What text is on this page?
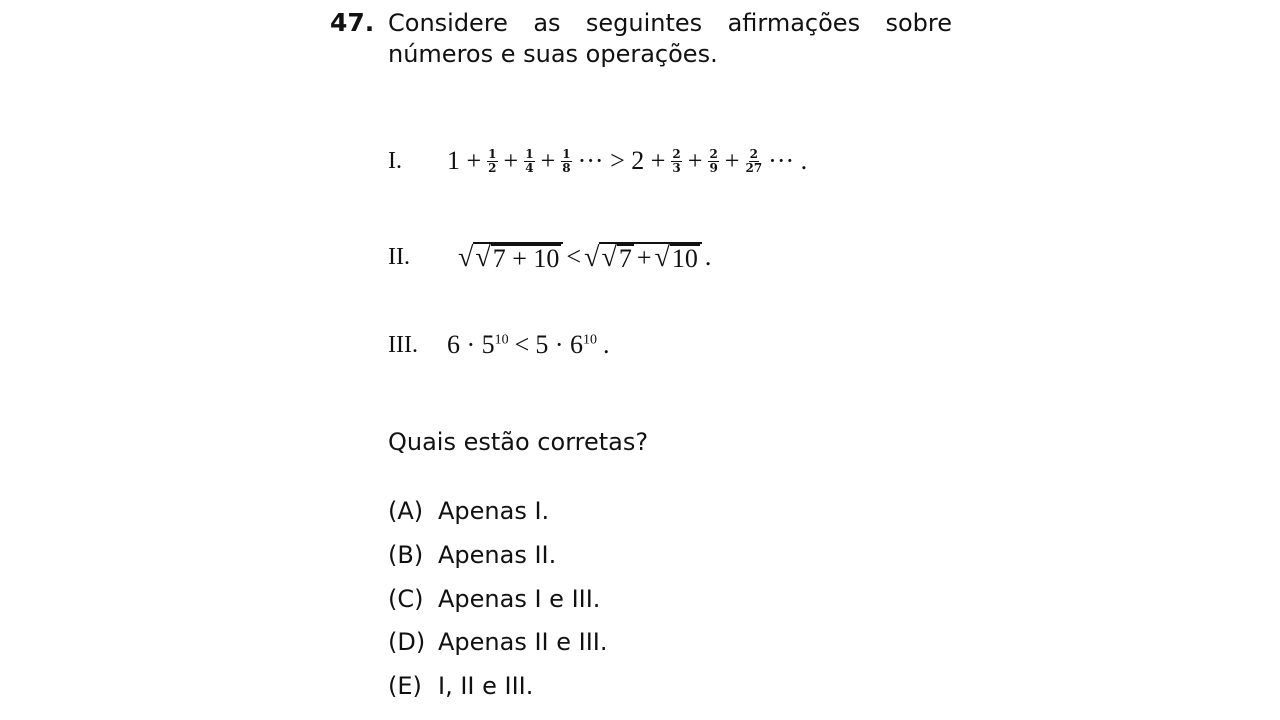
47. Considere as seguintes afirmações sobre
números e suas operações.
I.	$1 + \frac{1}{2} + \frac{1}{4} + \frac{1}{8}$ ··· > $2 + \frac{2}{3} + \frac{2}{9} + \frac{2}{27}$ ··· .
II.	√ √ 7 + 10 < √ √ 7 + √ 10 .
III.	$6 \cdot 5^{10} < 5 \cdot 6^{10}$ .
Quais estão corretas?
(A) Apenas I.
(B) Apenas II.
(C) Apenas I e III.
(D) Apenas II e III.
(E) I, II e III.
